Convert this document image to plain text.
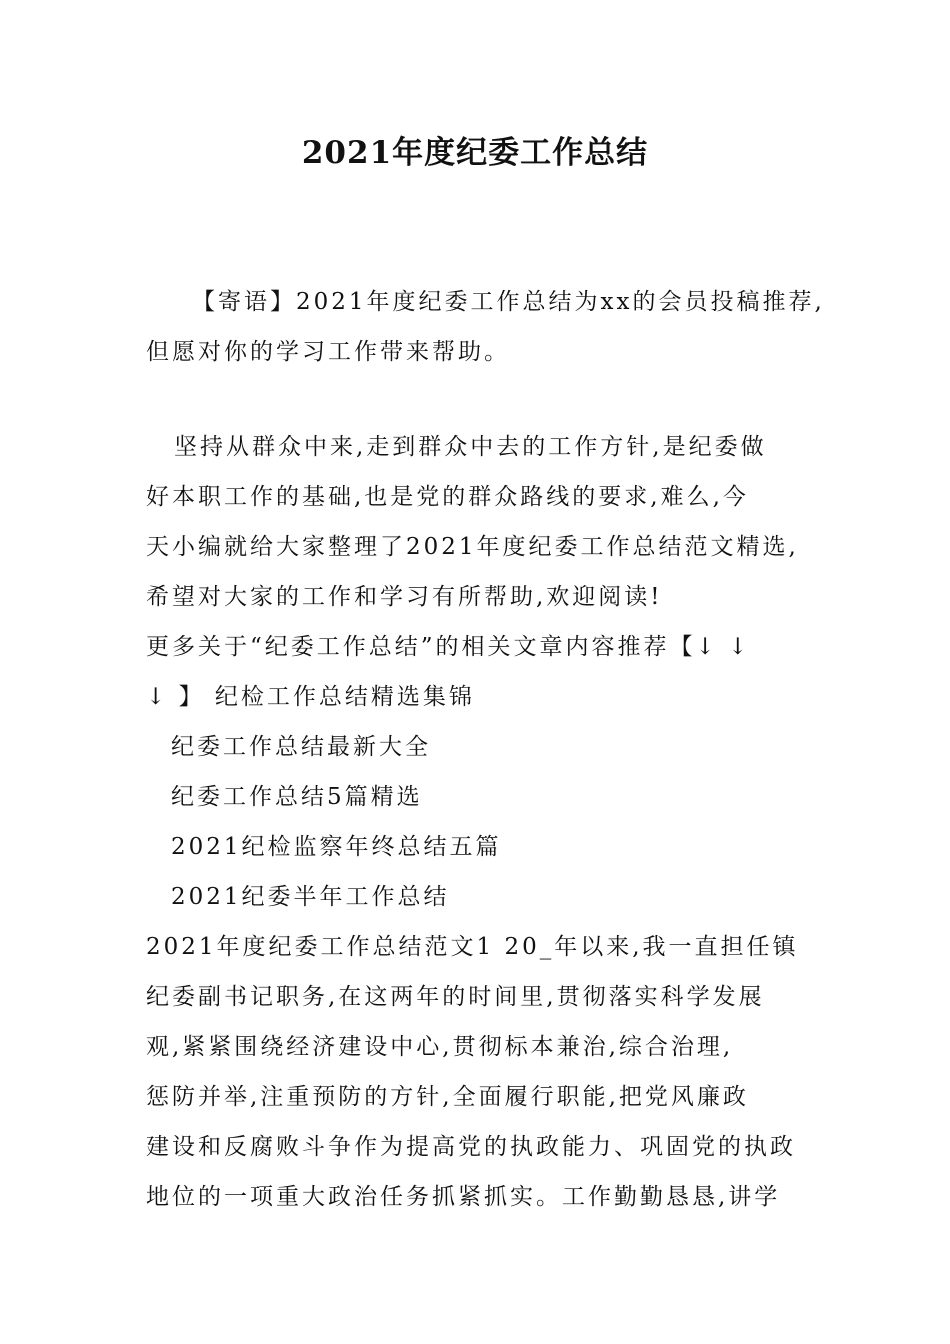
2021年度纪委工作总结

【寄语】2021年度纪委工作总结为xx的会员投稿推荐,
但愿对你的学习工作带来帮助。

坚持从群众中来,走到群众中去的工作方针,是纪委做
好本职工作的基础,也是党的群众路线的要求,难么,今
天小编就给大家整理了2021年度纪委工作总结范文精选,
希望对大家的工作和学习有所帮助,欢迎阅读!

更多关于“纪委工作总结”的相关文章内容推荐【↓ ↓
↓ 】 纪检工作总结精选集锦

纪委工作总结最新大全

纪委工作总结5篇精选

2021纪检监察年终总结五篇

2021纪委半年工作总结

2021年度纪委工作总结范文1 20_年以来,我一直担任镇
纪委副书记职务,在这两年的时间里,贯彻落实科学发展
观,紧紧围绕经济建设中心,贯彻标本兼治,综合治理,
惩防并举,注重预防的方针,全面履行职能,把党风廉政
建设和反腐败斗争作为提高党的执政能力、巩固党的执政
地位的一项重大政治任务抓紧抓实。工作勤勤恳恳,讲学
